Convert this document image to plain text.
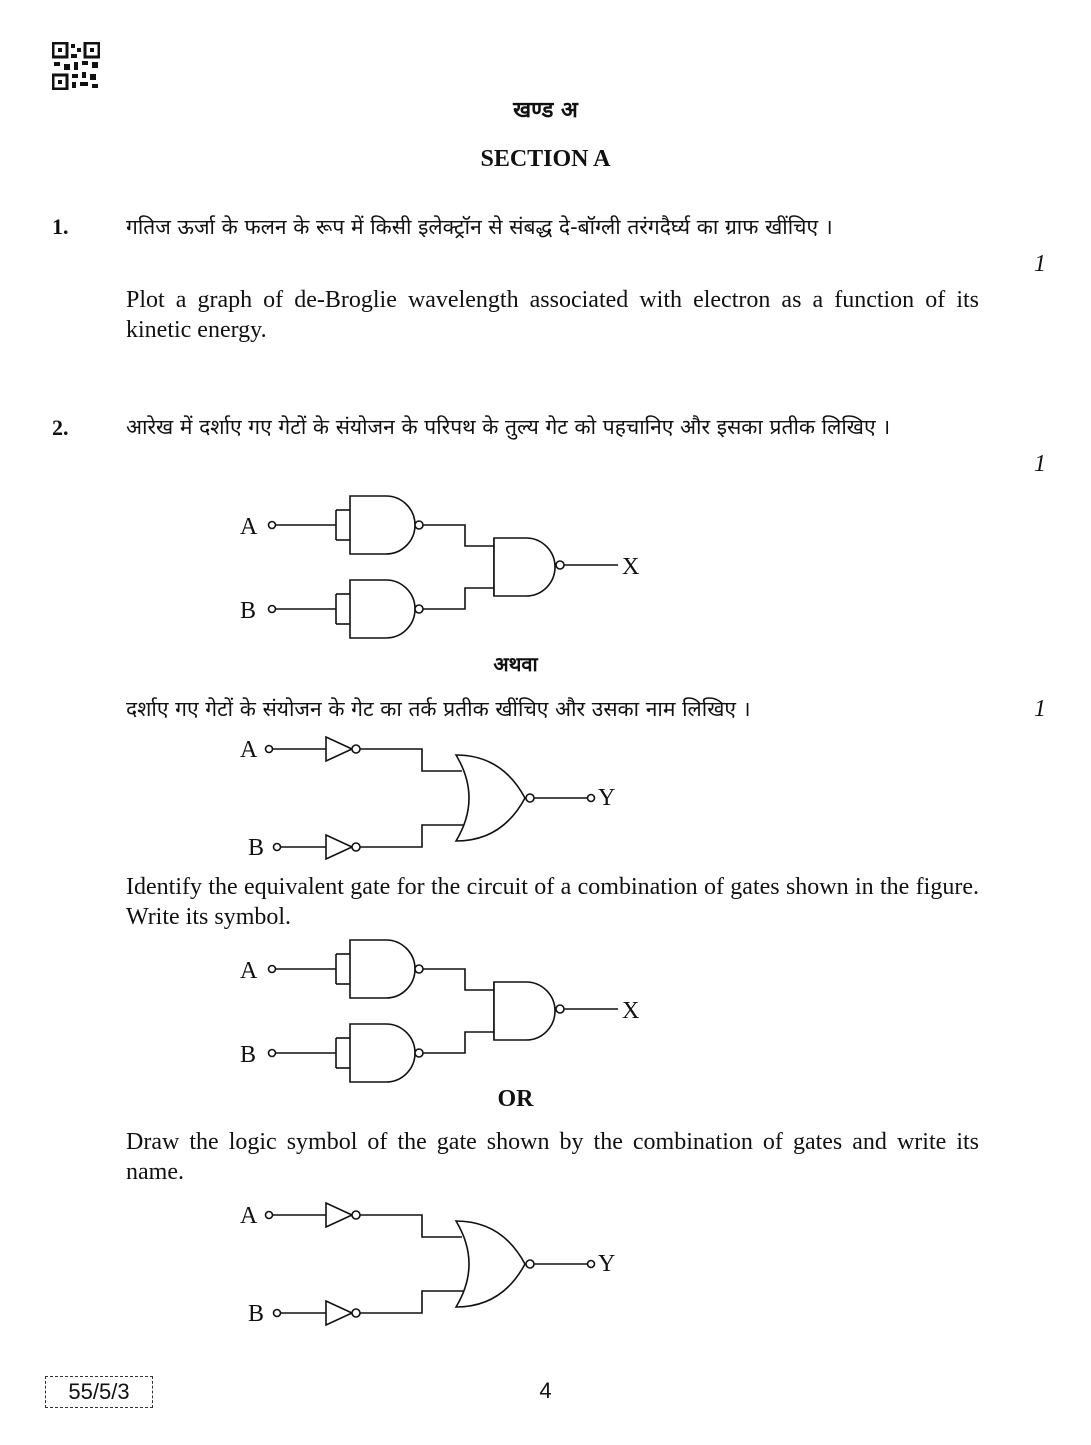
खण्ड अ
SECTION A
1.	गतिज ऊर्जा के फलन के रूप में किसी इलेक्ट्रॉन से संबद्ध दे-बॉग्ली तरंगदैर्घ्य का ग्राफ खींचिए ।
1
Plot a graph of de-Broglie wavelength associated with electron as a function of its kinetic energy.
2.	आरेख में दर्शाए गए गेटों के संयोजन के परिपथ के तुल्य गेट को पहचानिए और इसका प्रतीक लिखिए ।
1
A
B
X
अथवा
दर्शाए गए गेटों के संयोजन के गेट का तर्क प्रतीक खींचिए और उसका नाम लिखिए ।	1
A
B
Y
Identify the equivalent gate for the circuit of a combination of gates shown in the figure. Write its symbol.
A
B
X
OR
Draw the logic symbol of the gate shown by the combination of gates and write its name.
A
B
Y
55/5/3	4
